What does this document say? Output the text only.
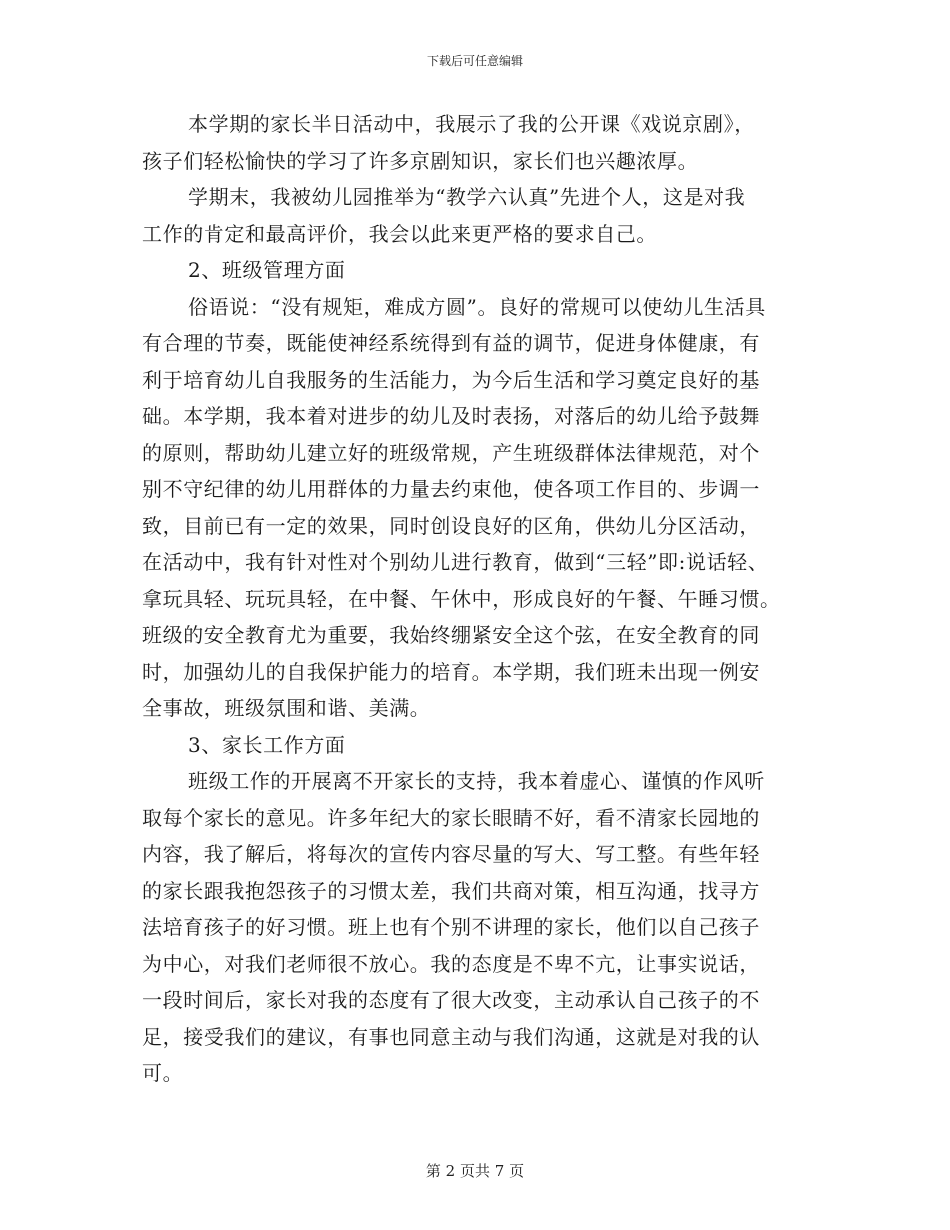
下载后可任意编辑
本学期的家长半日活动中，我展示了我的公开课《戏说京剧》，
孩子们轻松愉快的学习了许多京剧知识，家长们也兴趣浓厚。
学期末，我被幼儿园推举为“教学六认真”先进个人，这是对我
工作的肯定和最高评价，我会以此来更严格的要求自己。
2、班级管理方面
俗语说：“没有规矩，难成方圆”。良好的常规可以使幼儿生活具
有合理的节奏，既能使神经系统得到有益的调节，促进身体健康，有
利于培育幼儿自我服务的生活能力，为今后生活和学习奠定良好的基
础。本学期，我本着对进步的幼儿及时表扬，对落后的幼儿给予鼓舞
的原则，帮助幼儿建立好的班级常规，产生班级群体法律规范，对个
别不守纪律的幼儿用群体的力量去约束他，使各项工作目的、步调一
致，目前已有一定的效果，同时创设良好的区角，供幼儿分区活动，
在活动中，我有针对性对个别幼儿进行教育，做到“三轻”即:说话轻、
拿玩具轻、玩玩具轻，在中餐、午休中，形成良好的午餐、午睡习惯。
班级的安全教育尤为重要，我始终绷紧安全这个弦，在安全教育的同
时，加强幼儿的自我保护能力的培育。本学期，我们班未出现一例安
全事故，班级氛围和谐、美满。
3、家长工作方面
班级工作的开展离不开家长的支持，我本着虚心、谨慎的作风听
取每个家长的意见。许多年纪大的家长眼睛不好，看不清家长园地的
内容，我了解后，将每次的宣传内容尽量的写大、写工整。有些年轻
的家长跟我抱怨孩子的习惯太差，我们共商对策，相互沟通，找寻方
法培育孩子的好习惯。班上也有个别不讲理的家长，他们以自己孩子
为中心，对我们老师很不放心。我的态度是不卑不亢，让事实说话，
一段时间后，家长对我的态度有了很大改变，主动承认自己孩子的不
足，接受我们的建议，有事也同意主动与我们沟通，这就是对我的认
可。
第 2 页共 7 页
